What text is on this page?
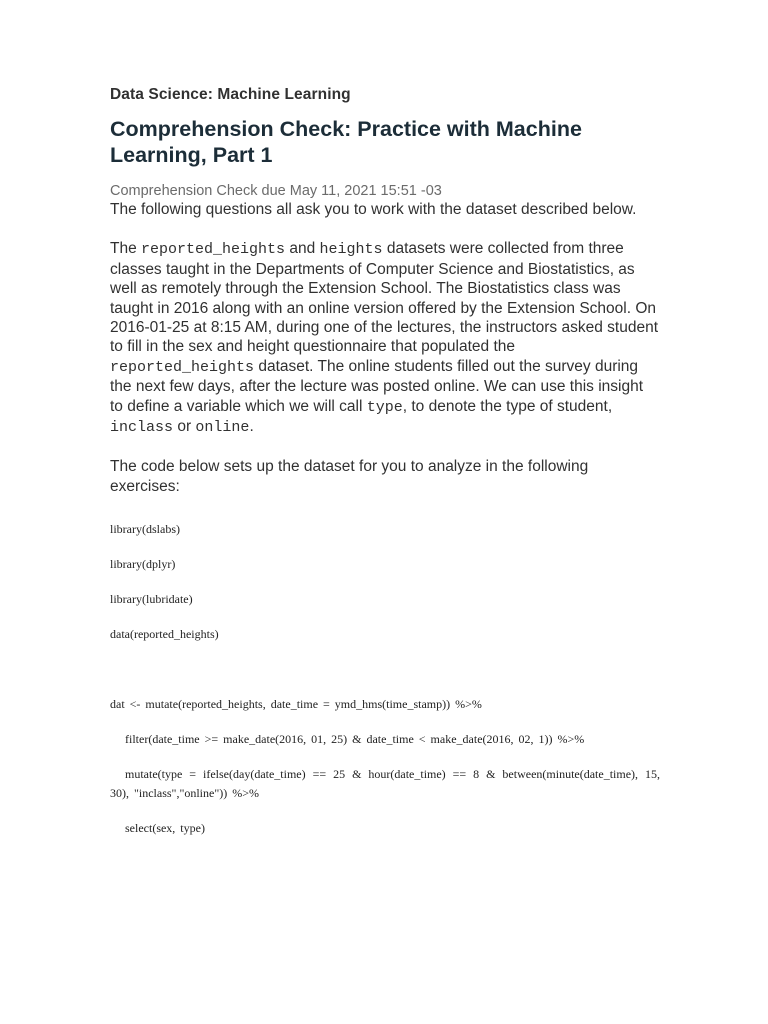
Data Science: Machine Learning
Comprehension Check: Practice with Machine Learning, Part 1
Comprehension Check due May 11, 2021 15:51 -03
The following questions all ask you to work with the dataset described below.
The reported_heights and heights datasets were collected from three classes taught in the Departments of Computer Science and Biostatistics, as well as remotely through the Extension School. The Biostatistics class was taught in 2016 along with an online version offered by the Extension School. On 2016-01-25 at 8:15 AM, during one of the lectures, the instructors asked student to fill in the sex and height questionnaire that populated the reported_heights dataset. The online students filled out the survey during the next few days, after the lecture was posted online. We can use this insight to define a variable which we will call type, to denote the type of student, inclass or online.
The code below sets up the dataset for you to analyze in the following exercises:
library(dslabs)
library(dplyr)
library(lubridate)
data(reported_heights)
dat <- mutate(reported_heights, date_time = ymd_hms(time_stamp)) %>%
filter(date_time >= make_date(2016, 01, 25) & date_time < make_date(2016, 02, 1)) %>%
mutate(type = ifelse(day(date_time) == 25 & hour(date_time) == 8 & between(minute(date_time), 15, 30), "inclass","online")) %>%
select(sex, type)
